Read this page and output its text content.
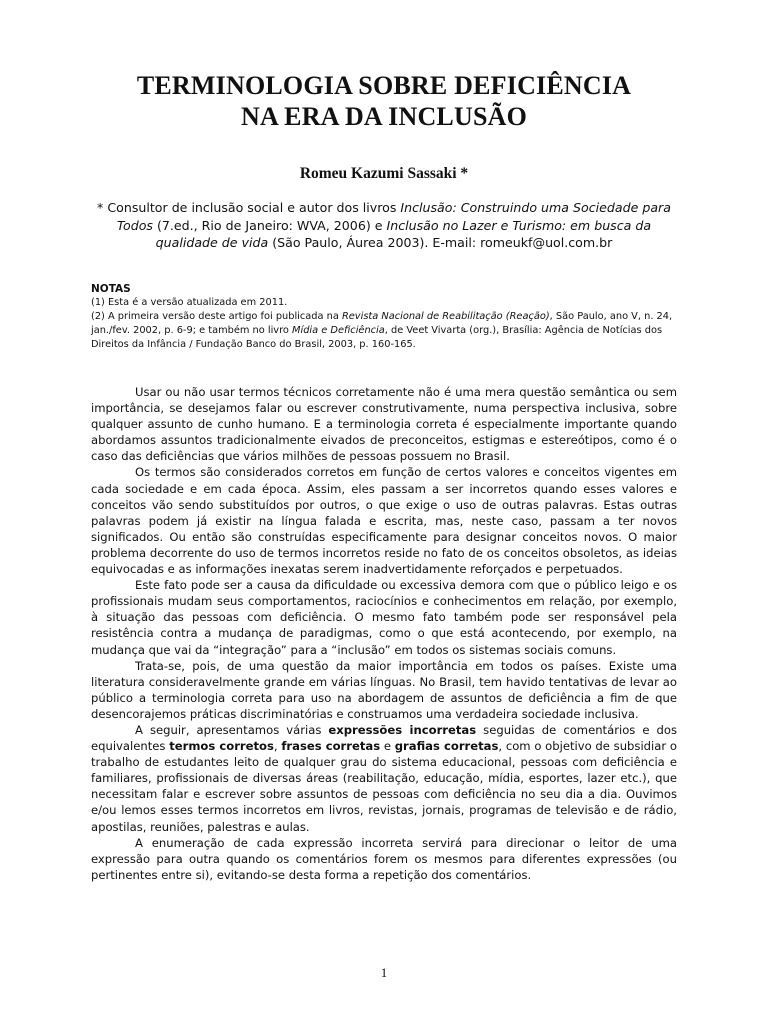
TERMINOLOGIA SOBRE DEFICIÊNCIA
NA ERA DA INCLUSÃO
Romeu Kazumi Sassaki *
* Consultor de inclusão social e autor dos livros Inclusão: Construindo uma Sociedade para Todos (7.ed., Rio de Janeiro: WVA, 2006) e Inclusão no Lazer e Turismo: em busca da qualidade de vida (São Paulo, Áurea 2003). E-mail: romeukf@uol.com.br
NOTAS
(1) Esta é a versão atualizada em 2011.
(2) A primeira versão deste artigo foi publicada na Revista Nacional de Reabilitação (Reação), São Paulo, ano V, n. 24, jan./fev. 2002, p. 6-9; e também no livro Mídia e Deficiência, de Veet Vivarta (org.), Brasília: Agência de Notícias dos Direitos da Infância / Fundação Banco do Brasil, 2003, p. 160-165.

Usar ou não usar termos técnicos corretamente não é uma mera questão semântica ou sem importância, se desejamos falar ou escrever construtivamente, numa perspectiva inclusiva, sobre qualquer assunto de cunho humano. E a terminologia correta é especialmente importante quando abordamos assuntos tradicionalmente eivados de preconceitos, estigmas e estereótipos, como é o caso das deficiências que vários milhões de pessoas possuem no Brasil.

Os termos são considerados corretos em função de certos valores e conceitos vigentes em cada sociedade e em cada época. Assim, eles passam a ser incorretos quando esses valores e conceitos vão sendo substituídos por outros, o que exige o uso de outras palavras. Estas outras palavras podem já existir na língua falada e escrita, mas, neste caso, passam a ter novos significados. Ou então são construídas especificamente para designar conceitos novos. O maior problema decorrente do uso de termos incorretos reside no fato de os conceitos obsoletos, as ideias equivocadas e as informações inexatas serem inadvertidamente reforçados e perpetuados.

Este fato pode ser a causa da dificuldade ou excessiva demora com que o público leigo e os profissionais mudam seus comportamentos, raciocínios e conhecimentos em relação, por exemplo, à situação das pessoas com deficiência. O mesmo fato também pode ser responsável pela resistência contra a mudança de paradigmas, como o que está acontecendo, por exemplo, na mudança que vai da “integração” para a “inclusão” em todos os sistemas sociais comuns.

Trata-se, pois, de uma questão da maior importância em todos os países. Existe uma literatura consideravelmente grande em várias línguas. No Brasil, tem havido tentativas de levar ao público a terminologia correta para uso na abordagem de assuntos de deficiência a fim de que desencorajemos práticas discriminatórias e construamos uma verdadeira sociedade inclusiva.

A seguir, apresentamos várias expressões incorretas seguidas de comentários e dos equivalentes termos corretos, frases corretas e grafias corretas, com o objetivo de subsidiar o trabalho de estudantes leito de qualquer grau do sistema educacional, pessoas com deficiência e familiares, profissionais de diversas áreas (reabilitação, educação, mídia, esportes, lazer etc.), que necessitam falar e escrever sobre assuntos de pessoas com deficiência no seu dia a dia. Ouvimos e/ou lemos esses termos incorretos em livros, revistas, jornais, programas de televisão e de rádio, apostilas, reuniões, palestras e aulas.

A enumeração de cada expressão incorreta servirá para direcionar o leitor de uma expressão para outra quando os comentários forem os mesmos para diferentes expressões (ou pertinentes entre si), evitando-se desta forma a repetição dos comentários.

1
